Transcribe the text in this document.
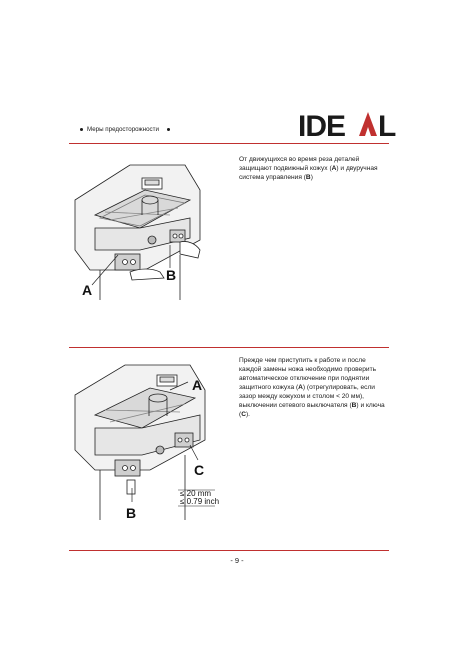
IDE L
Меры предосторожности
A
B
От движущихся во время реза деталей защищают подвижный кожух (A) и двуручная система управления (B)
A
C
B
≤ 20 mm
≤ 0.79 inch
Прежде чем приступить к работе и после каждой замены ножа необходимо проверить автоматическое отключение при поднятии защитного кожуха (A) (отрегулировать, если зазор между кожухом и столом < 20 мм), выключении сетевого выключателя (B) и ключа (C).
- 9 -
